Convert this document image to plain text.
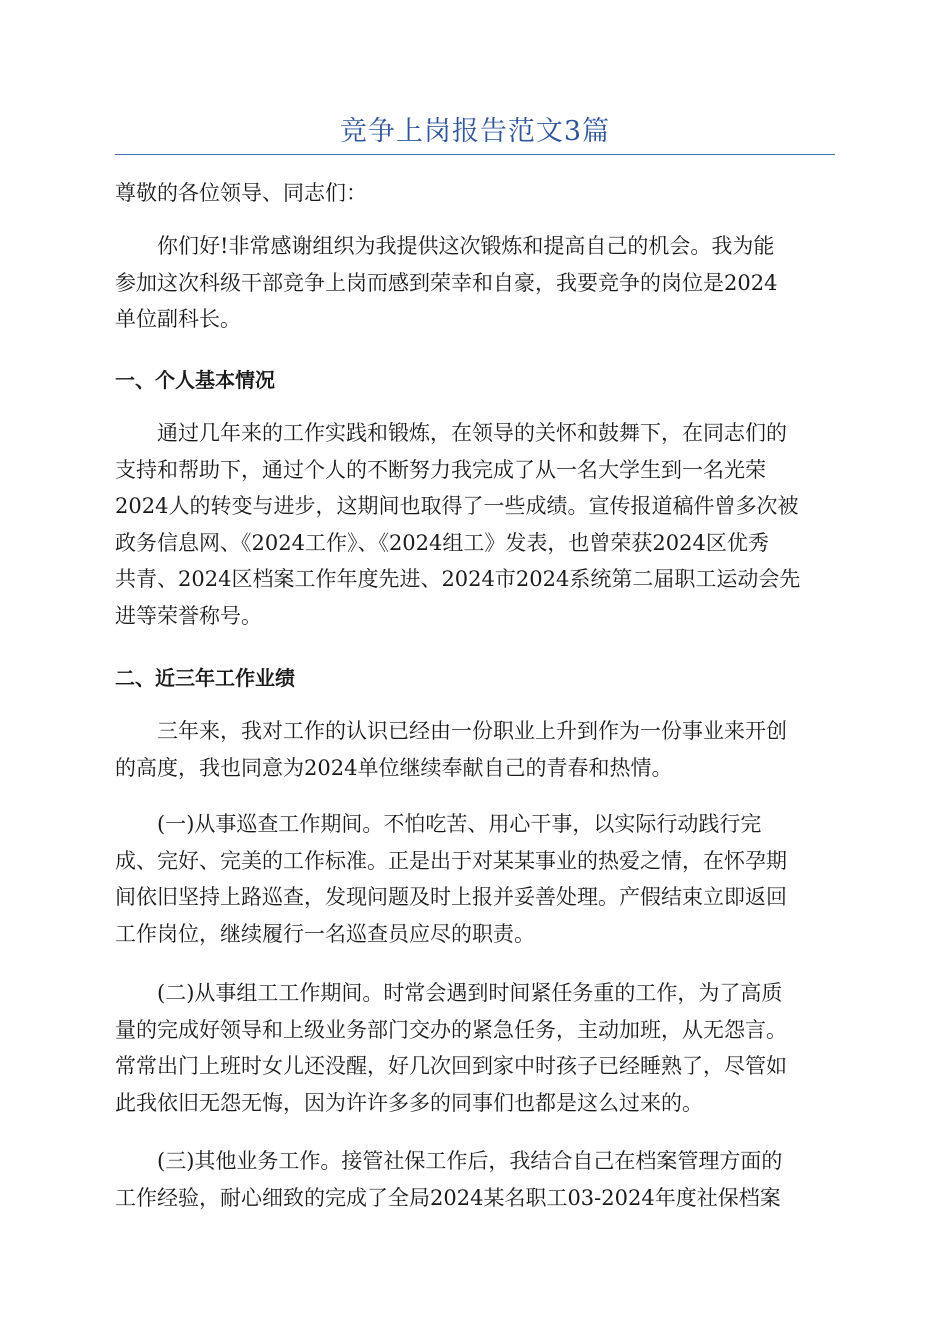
竞争上岗报告范文3篇

尊敬的各位领导、同志们：

　　你们好!非常感谢组织为我提供这次锻炼和提高自己的机会。我为能
参加这次科级干部竞争上岗而感到荣幸和自豪，我要竞争的岗位是2024
单位副科长。

一、个人基本情况

　　通过几年来的工作实践和锻炼，在领导的关怀和鼓舞下，在同志们的
支持和帮助下，通过个人的不断努力我完成了从一名大学生到一名光荣
2024人的转变与进步，这期间也取得了一些成绩。宣传报道稿件曾多次被
政务信息网、《2024工作》、《2024组工》发表，也曾荣获2024区优秀
共青、2024区档案工作年度先进、2024市2024系统第二届职工运动会先
进等荣誉称号。

二、近三年工作业绩

　　三年来，我对工作的认识已经由一份职业上升到作为一份事业来开创
的高度，我也同意为2024单位继续奉献自己的青春和热情。

　　(一)从事巡查工作期间。不怕吃苦、用心干事，以实际行动践行完
成、完好、完美的工作标准。正是出于对某某事业的热爱之情，在怀孕期
间依旧坚持上路巡查，发现问题及时上报并妥善处理。产假结束立即返回
工作岗位，继续履行一名巡查员应尽的职责。

　　(二)从事组工工作期间。时常会遇到时间紧任务重的工作，为了高质
量的完成好领导和上级业务部门交办的紧急任务，主动加班，从无怨言。
常常出门上班时女儿还没醒，好几次回到家中时孩子已经睡熟了，尽管如
此我依旧无怨无悔，因为许许多多的同事们也都是这么过来的。

　　(三)其他业务工作。接管社保工作后，我结合自己在档案管理方面的
工作经验，耐心细致的完成了全局2024某名职工03-2024年度社保档案
